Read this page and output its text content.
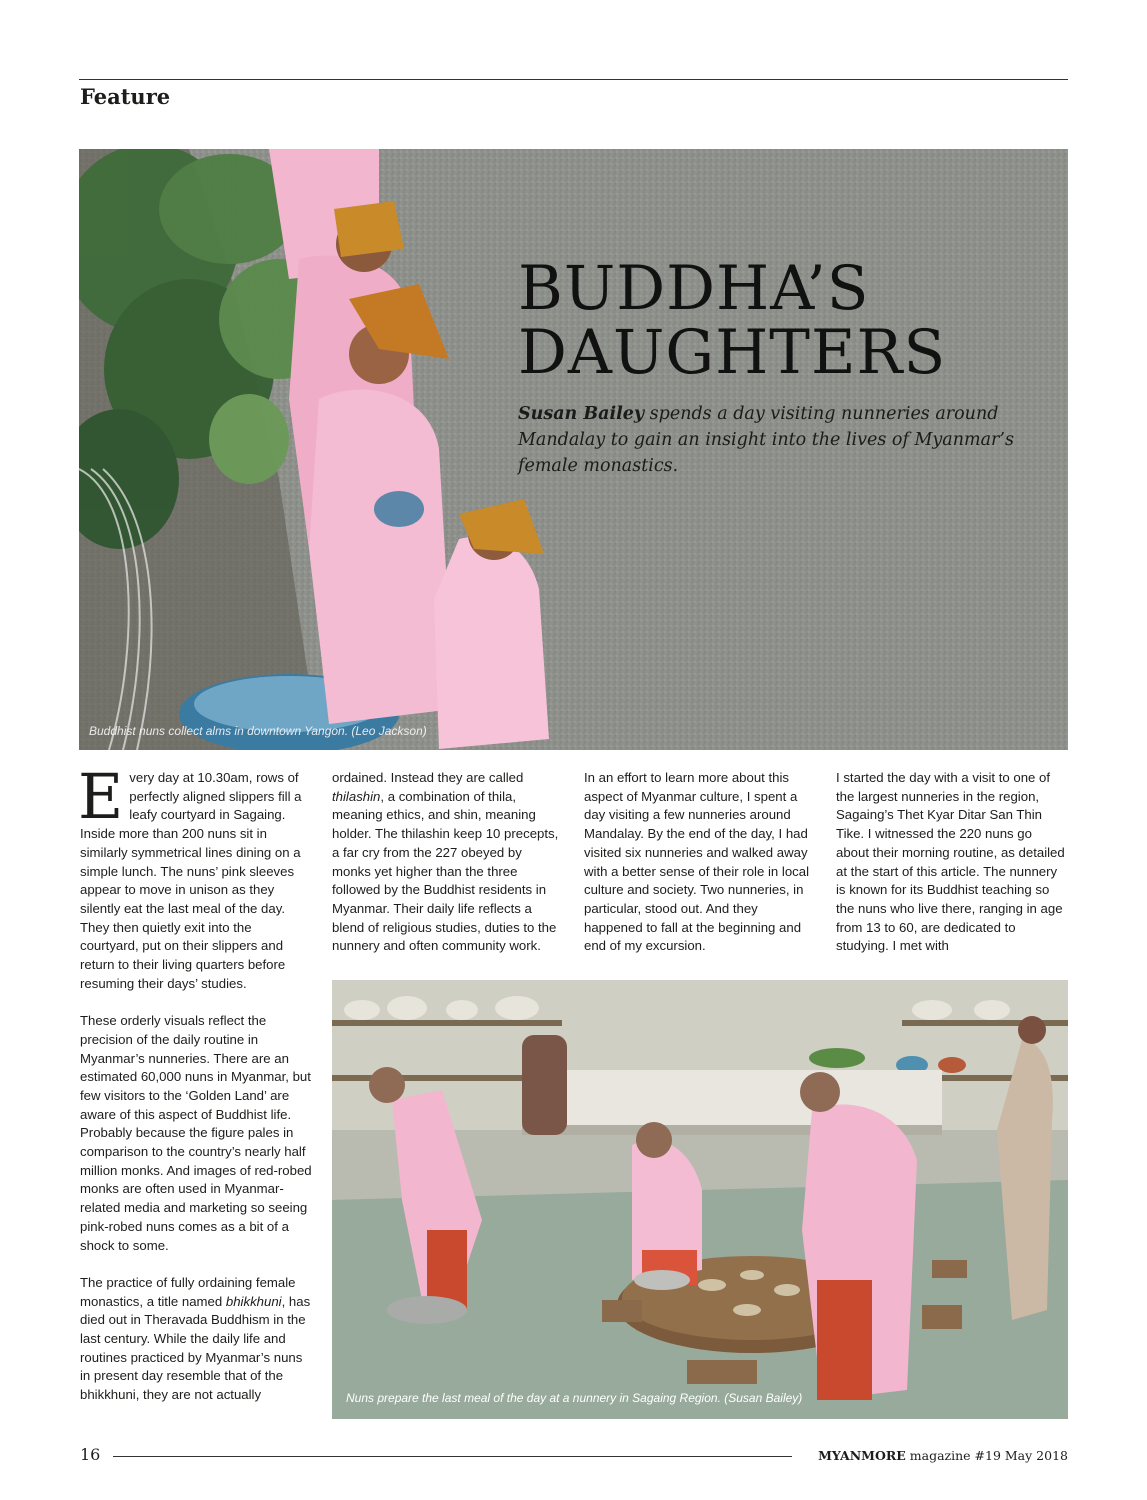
Feature
BUDDHA’S
DAUGHTERS

Susan Bailey spends a day visiting nunneries around Mandalay to gain an insight into the lives of Myanmar’s female monastics.

Buddhist nuns collect alms in downtown Yangon. (Leo Jackson)

Every day at 10.30am, rows of perfectly aligned slippers fill a leafy courtyard in Sagaing. Inside more than 200 nuns sit in similarly symmetrical lines dining on a simple lunch. The nuns’ pink sleeves appear to move in unison as they silently eat the last meal of the day. They then quietly exit into the courtyard, put on their slippers and return to their living quarters before resuming their days’ studies.

These orderly visuals reflect the precision of the daily routine in Myanmar’s nunneries. There are an estimated 60,000 nuns in Myanmar, but few visitors to the ‘Golden Land’ are aware of this aspect of Buddhist life. Probably because the figure pales in comparison to the country’s nearly half million monks. And images of red-robed monks are often used in Myanmar-related media and marketing so seeing pink-robed nuns comes as a bit of a shock to some.

The practice of fully ordaining female monastics, a title named bhikkhuni, has died out in Theravada Buddhism in the last century. While the daily life and routines practiced by Myanmar’s nuns in present day resemble that of the bhikkhuni, they are not actually

ordained. Instead they are called thilashin, a combination of thila, meaning ethics, and shin, meaning holder. The thilashin keep 10 precepts, a far cry from the 227 obeyed by monks yet higher than the three followed by the Buddhist residents in Myanmar. Their daily life reflects a blend of religious studies, duties to the nunnery and often community work.

In an effort to learn more about this aspect of Myanmar culture, I spent a day visiting a few nunneries around Mandalay. By the end of the day, I had visited six nunneries and walked away with a better sense of their role in local culture and society. Two nunneries, in particular, stood out. And they happened to fall at the beginning and end of my excursion.

I started the day with a visit to one of the largest nunneries in the region, Sagaing’s Thet Kyar Ditar San Thin Tike. I witnessed the 220 nuns go about their morning routine, as detailed at the start of this article. The nunnery is known for its Buddhist teaching so the nuns who live there, ranging in age from 13 to 60, are dedicated to studying. I met with

Nuns prepare the last meal of the day at a nunnery in Sagaing Region. (Susan Bailey)
16	MYANMORE magazine #19 May 2018
